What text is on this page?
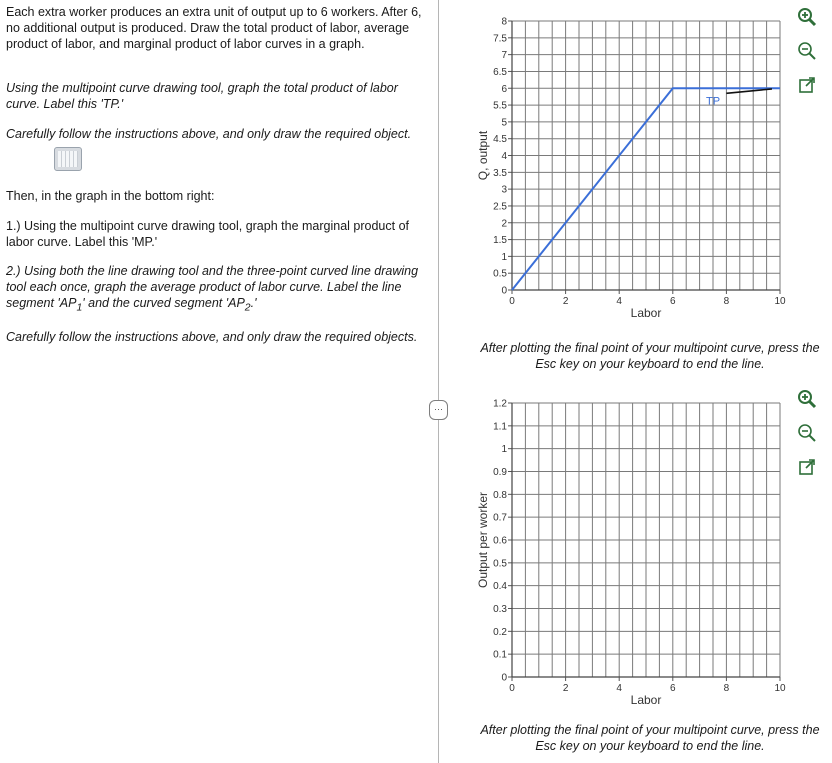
Each extra worker produces an extra unit of output up to 6 workers. After 6, no additional output is produced. Draw the total product of labor, average product of labor, and marginal product of labor curves in a graph.

Using the multipoint curve drawing tool, graph the total product of labor curve. Label this 'TP.'

Carefully follow the instructions above, and only draw the required object.

Then, in the graph in the bottom right:

1.) Using the multipoint curve drawing tool, graph the marginal product of labor curve. Label this 'MP.'

2.) Using both the line drawing tool and the three-point curved line drawing tool each once, graph the average product of labor curve. Label the line segment '$AP_1$' and the curved segment '$AP_2$.'

Carefully follow the instructions above, and only draw the required objects.

⋯
8
7.5
7
6.5
6
5.5
5
4.5
4
3.5
3
2.5
2
1.5
1
0.5
0
0	2	4	6	8	10
Labor
Q, output
TP
1.2
1.1
1
0.9
0.8
0.7
0.6
0.5
0.4
0.3
0.2
0.1
0
0	2	4	6	8	10
Labor
Output per worker
After plotting the final point of your multipoint curve, press the Esc key on your keyboard to end the line.
After plotting the final point of your multipoint curve, press the Esc key on your keyboard to end the line.
